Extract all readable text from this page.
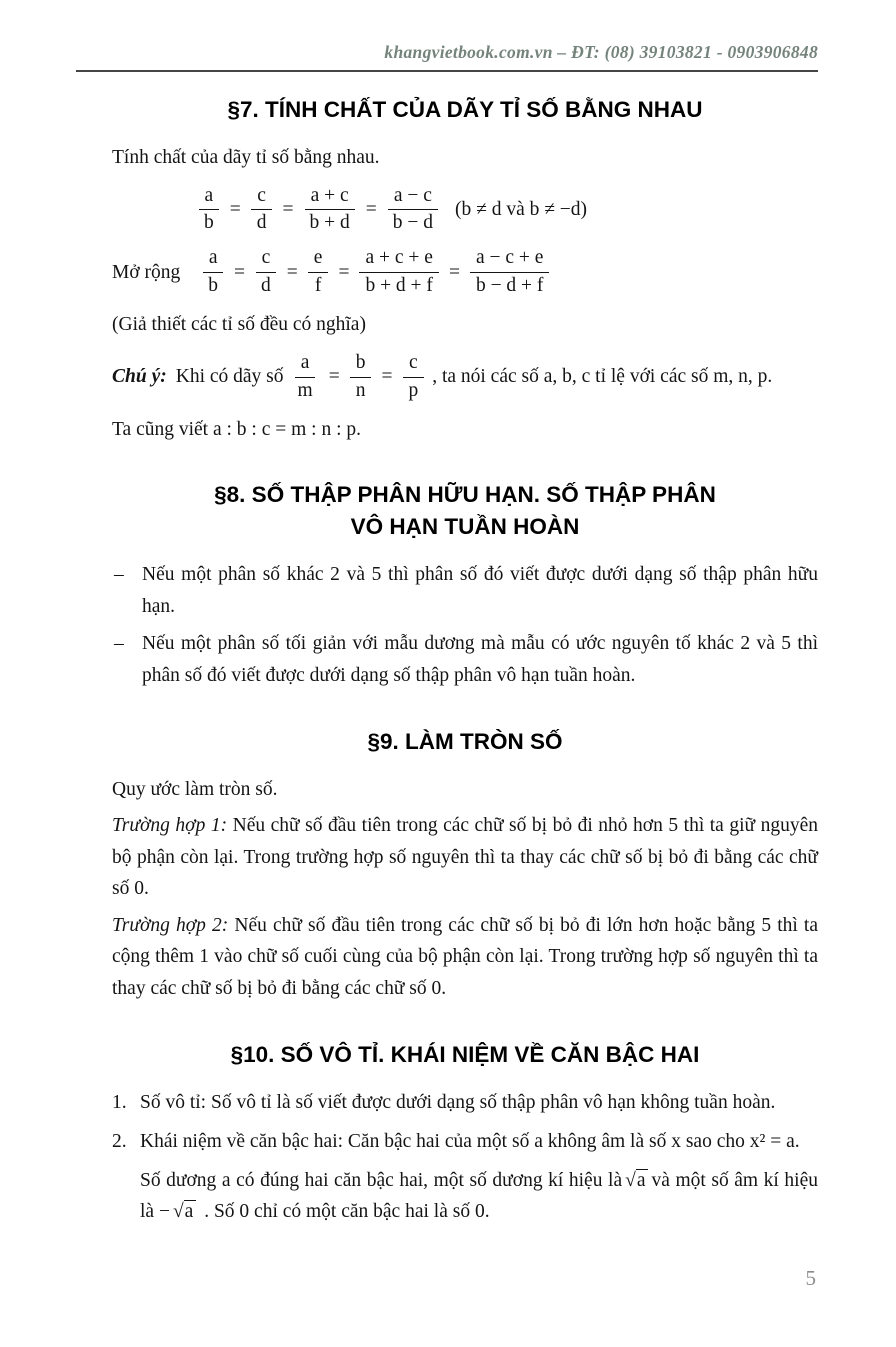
khangvietbook.com.vn – ĐT: (08) 39103821 - 0903906848
§7. TÍNH CHẤT CỦA DÃY TỈ SỐ BẰNG NHAU

Tính chất của dãy tỉ số bằng nhau.

$\frac{a}{b} = \frac{c}{d} = \frac{a + c}{b + d} = \frac{a - c}{b - d} (b \ne d$ và b ≠ −d)
Mở rộng $\frac{a}{b} = \frac{c}{d} = \frac{e}{f} = \frac{a + c + e}{b + d + f} = \frac{a - c + e}{b - d + f}$

(Giả thiết các tỉ số đều có nghĩa)

Chú ý: Khi có dãy số $\frac{a}{m} = \frac{b}{n} = \frac{c}{p}$ , ta nói các số a, b, c tỉ lệ với các số m, n, p.

Ta cũng viết a : b : c = m : n : p.

§8. SỐ THẬP PHÂN HỮU HẠN. SỐ THẬP PHÂN
VÔ HẠN TUẦN HOÀN
– Nếu một phân số khác 2 và 5 thì phân số đó viết được dưới dạng số thập phân hữu hạn.
– Nếu một phân số tối giản với mẫu dương mà mẫu có ước nguyên tố khác 2 và 5 thì phân số đó viết được dưới dạng số thập phân vô hạn tuần hoàn.
§9. LÀM TRÒN SỐ

Quy ước làm tròn số.

Trường hợp 1: Nếu chữ số đầu tiên trong các chữ số bị bỏ đi nhỏ hơn 5 thì ta giữ nguyên bộ phận còn lại. Trong trường hợp số nguyên thì ta thay các chữ số bị bỏ đi bằng các chữ số 0.

Trường hợp 2: Nếu chữ số đầu tiên trong các chữ số bị bỏ đi lớn hơn hoặc bằng 5 thì ta cộng thêm 1 vào chữ số cuối cùng của bộ phận còn lại. Trong trường hợp số nguyên thì ta thay các chữ số bị bỏ đi bằng các chữ số 0.

§10. SỐ VÔ TỈ. KHÁI NIỆM VỀ CĂN BẬC HAI
1. Số vô tỉ: Số vô tỉ là số viết được dưới dạng số thập phân vô hạn không tuần hoàn.
2. Khái niệm về căn bậc hai: Căn bậc hai của một số a không âm là số x sao cho x² = a.
Số dương a có đúng hai căn bậc hai, một số dương kí hiệu là √a và một số âm kí hiệu là − √a . Số 0 chỉ có một căn bậc hai là số 0.
5
